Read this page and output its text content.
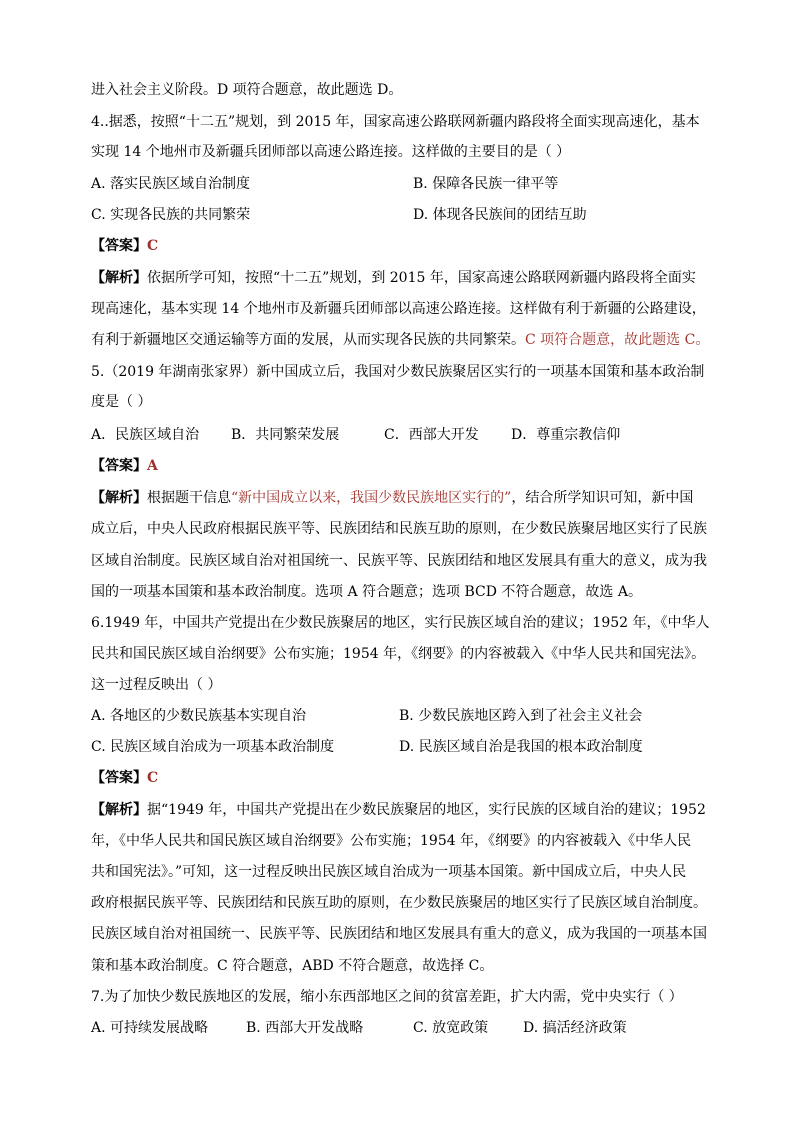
进入社会主义阶段。D 项符合题意，故此题选 D。
4..据悉，按照“十二五”规划，到 2015 年，国家高速公路联网新疆内路段将全面实现高速化，基本
实现 14 个地州市及新疆兵团师部以高速公路连接。这样做的主要目的是（ ）
A. 落实民族区域自治制度	B. 保障各民族一律平等
C. 实现各民族的共同繁荣	D. 体现各民族间的团结互助
【答案】C
【解析】依据所学可知，按照“十二五”规划，到 2015 年，国家高速公路联网新疆内路段将全面实
现高速化，基本实现 14 个地州市及新疆兵团师部以高速公路连接。这样做有利于新疆的公路建设，
有利于新疆地区交通运输等方面的发展，从而实现各民族的共同繁荣。C 项符合题意，故此题选 C。
5.（2019 年湖南张家界）新中国成立后，我国对少数民族聚居区实行的一项基本国策和基本政治制
度是（ ）
A．民族区域自治 B．共同繁荣发展	C．西部大开发 D．尊重宗教信仰
【答案】A
【解析】根据题干信息“新中国成立以来，我国少数民族地区实行的”，结合所学知识可知，新中国
成立后，中央人民政府根据民族平等、民族团结和民族互助的原则，在少数民族聚居地区实行了民族
区域自治制度。民族区域自治对祖国统一、民族平等、民族团结和地区发展具有重大的意义，成为我
国的一项基本国策和基本政治制度。选项 A 符合题意；选项 BCD 不符合题意，故选 A。
6.1949 年，中国共产党提出在少数民族聚居的地区，实行民族区域自治的建议；1952 年，《中华人
民共和国民族区域自治纲要》公布实施；1954 年，《纲要》的内容被载入《中华人民共和国宪法》。
这一过程反映出（ ）
A. 各地区的少数民族基本实现自治	B. 少数民族地区跨入到了社会主义社会
C. 民族区域自治成为一项基本政治制度	D. 民族区域自治是我国的根本政治制度
【答案】C
【解析】据“1949 年，中国共产党提出在少数民族聚居的地区，实行民族的区域自治的建议；1952
年，《中华人民共和国民族区域自治纲要》公布实施；1954 年，《纲要》的内容被载入《中华人民
共和国宪法》。”可知，这一过程反映出民族区域自治成为一项基本国策。新中国成立后，中央人民
政府根据民族平等、民族团结和民族互助的原则，在少数民族聚居的地区实行了民族区域自治制度。
民族区域自治对祖国统一、民族平等、民族团结和地区发展具有重大的意义，成为我国的一项基本国
策和基本政治制度。C 符合题意，ABD 不符合题意，故选择 C。
7.为了加快少数民族地区的发展，缩小东西部地区之间的贫富差距，扩大内需，党中央实行（ ）
A. 可持续发展战略	B. 西部大开发战略	C. 放宽政策 D. 搞活经济政策
